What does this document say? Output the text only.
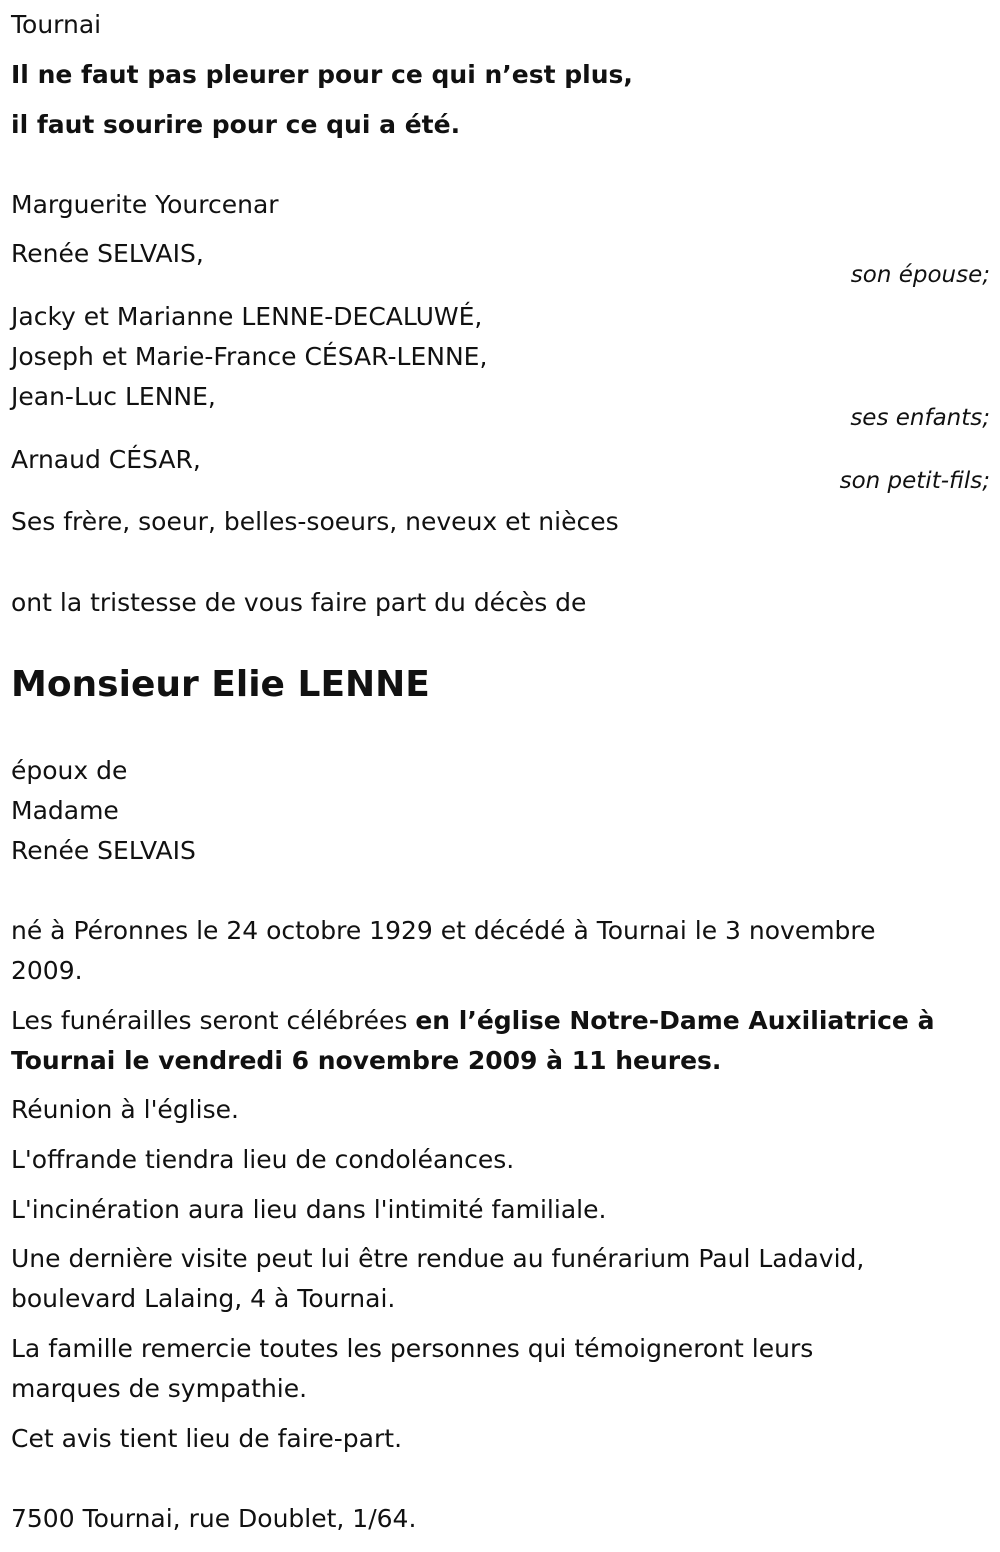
Tournai
Il ne faut pas pleurer pour ce qui n’est plus,
il faut sourire pour ce qui a été.
Marguerite Yourcenar
Renée SELVAIS,
son épouse;
Jacky et Marianne LENNE-DECALUWÉ,
Joseph et Marie-France CÉSAR-LENNE,
Jean-Luc LENNE,
ses enfants;
Arnaud CÉSAR,
son petit-fils;
Ses frère, soeur, belles-soeurs, neveux et nièces
ont la tristesse de vous faire part du décès de
Monsieur Elie LENNE
époux de
Madame
Renée SELVAIS
né à Péronnes le 24 octobre 1929 et décédé à Tournai le 3 novembre
2009.
Les funérailles seront célébrées en l’église Notre-Dame Auxiliatrice à
Tournai le vendredi 6 novembre 2009 à 11 heures.
Réunion à l'église.
L'offrande tiendra lieu de condoléances.
L'incinération aura lieu dans l'intimité familiale.
Une dernière visite peut lui être rendue au funérarium Paul Ladavid,
boulevard Lalaing, 4 à Tournai.
La famille remercie toutes les personnes qui témoigneront leurs
marques de sympathie.
Cet avis tient lieu de faire-part.
7500 Tournai, rue Doublet, 1/64.
